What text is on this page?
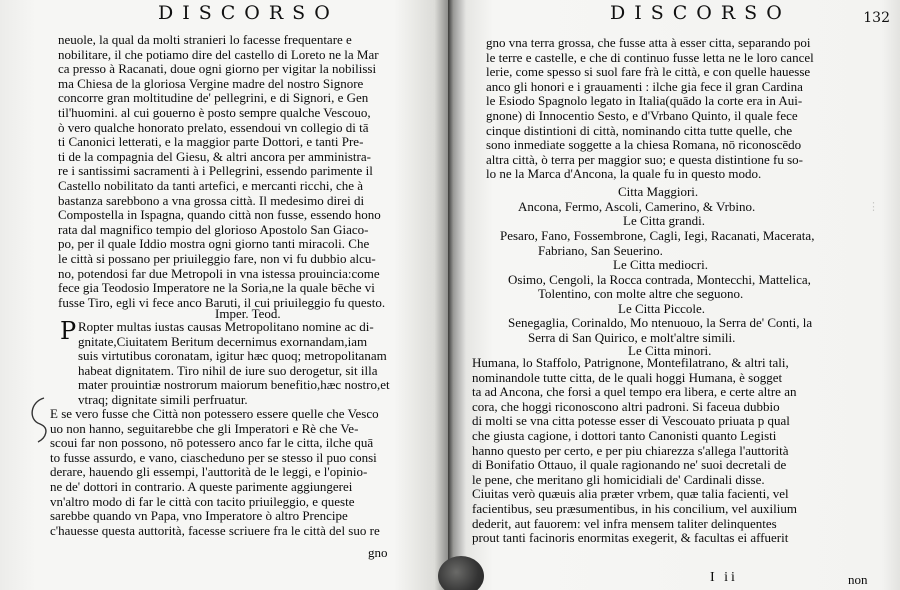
DISCORSO
neuole, la qual da molti stranieri lo facesse frequentare e
nobilitare, il che potiamo dire del castello di Loreto ne la Mar
ca presso à Racanati, doue ogni giorno per vigitar la nobilissi
ma Chiesa de la gloriosa Vergine madre del nostro Signore
concorre gran moltitudine de' pellegrini, e di Signori, e Gen
til'huomini. al cui gouerno è posto sempre qualche Vescouo,
ò vero qualche honorato prelato, essendoui vn collegio di tā
ti Canonici letterati, e la maggior parte Dottori, e tanti Pre-
ti de la compagnia del Giesu, & altri ancora per amministra-
re i santissimi sacramenti à i Pellegrini, essendo parimente il
Castello nobilitato da tanti artefici, e mercanti ricchi, che à
bastanza sarebbono a vna grossa città. Il medesimo direi di
Compostella in Ispagna, quando città non fusse, essendo hono
rata dal magnifico tempio del glorioso Apostolo San Giaco-
po, per il quale Iddio mostra ogni giorno tanti miracoli. Che
le città si possano per priuileggio fare, non vi fu dubbio alcu-
no, potendosi far due Metropoli in vna istessa prouincia:come
fece gia Teodosio Imperatore ne la Soria,ne la quale bēche vi
fusse Tiro, egli vi fece anco Baruti, il cui priuileggio fu questo.
Imper. Teod.
P Ropter multas iustas causas Metropolitano nomine ac di-
gnitate,Ciuitatem Beritum decernimus exornandam,iam
suis virtutibus coronatam, igitur hæc quoq; metropolitanam
habeat dignitatem. Tiro nihil de iure suo derogetur, sit illa
mater prouintiæ nostrorum maiorum benefitio,hæc nostro,et
vtraq; dignitate simili perfruatur.
E se vero fusse che Città non potessero essere quelle che Vesco
uo non hanno, seguitarebbe che gli Imperatori e Rè che Ve-
scoui far non possono, nō potessero anco far le citta, ilche quā
to fusse assurdo, e vano, ciascheduno per se stesso il puo consi
derare, hauendo gli essempi, l'auttorità de le leggi, e l'opinio-
ne de' dottori in contrario. A queste parimente aggiungerei
vn'altro modo di far le città con tacito priuileggio, e queste
sarebbe quando vn Papa, vno Imperatore ò altro Prencipe
c'hauesse questa auttorità, facesse scriuere fra le città del suo re
gno
DISCORSO	132
gno vna terra grossa, che fusse atta à esser citta, separando poi
le terre e castelle, e che di continuo fusse letta ne le loro cancel
lerie, come spesso si suol fare frà le città, e con quelle hauesse
anco gli honori e i grauamenti : ilche gia fece il gran Cardina
le Esiodo Spagnolo legato in Italia(quādo la corte era in Aui-
gnone) di Innocentio Sesto, e d'Vrbano Quinto, il quale fece
cinque distintioni di città, nominando citta tutte quelle, che
sono inmediate soggette a la chiesa Romana, nō riconoscēdo
altra città, ò terra per maggior suo; e questa distintione fu so-
lo ne la Marca d'Ancona, la quale fu in questo modo.
Citta Maggiori.
Ancona, Fermo, Ascoli, Camerino, & Vrbino.
Le Citta grandi.
Pesaro, Fano, Fossembrone, Cagli, Iegi, Racanati, Macerata,
Fabriano, San Seuerino.
Le Citta mediocri.
Osimo, Cengoli, la Rocca contrada, Montecchi, Mattelica,
Tolentino, con molte altre che seguono.
Le Citta Piccole.
Senegaglia, Corinaldo, Mo ntenuouo, la Serra de' Conti, la
Serra di San Quirico, e molt'altre simili.
Le Citta minori.
Humana, lo Staffolo, Patrignone, Montefilatrano, & altri tali,
nominandole tutte citta, de le quali hoggi Humana, è sogget
ta ad Ancona, che forsi a quel tempo era libera, e certe altre an
cora, che hoggi riconoscono altri padroni. Si faceua dubbio
di molti se vna citta potesse esser di Vescouato priuata p qual
che giusta cagione, i dottori tanto Canonisti quanto Legisti
hanno questo per certo, e per piu chiarezza s'allega l'auttorità
di Bonifatio Ottauo, il quale ragionando ne' suoi decretali de
le pene, che meritano gli homicidiali de' Cardinali disse.
Ciuitas verò quæuis alia præter vrbem, quæ talia facienti, vel
facientibus, seu præsumentibus, in his concilium, vel auxilium
dederit, aut fauorem: vel infra mensem taliter delinquentes
prout tanti facinoris enormitas exegerit, & facultas ei affuerit
non
I ii
⋮
